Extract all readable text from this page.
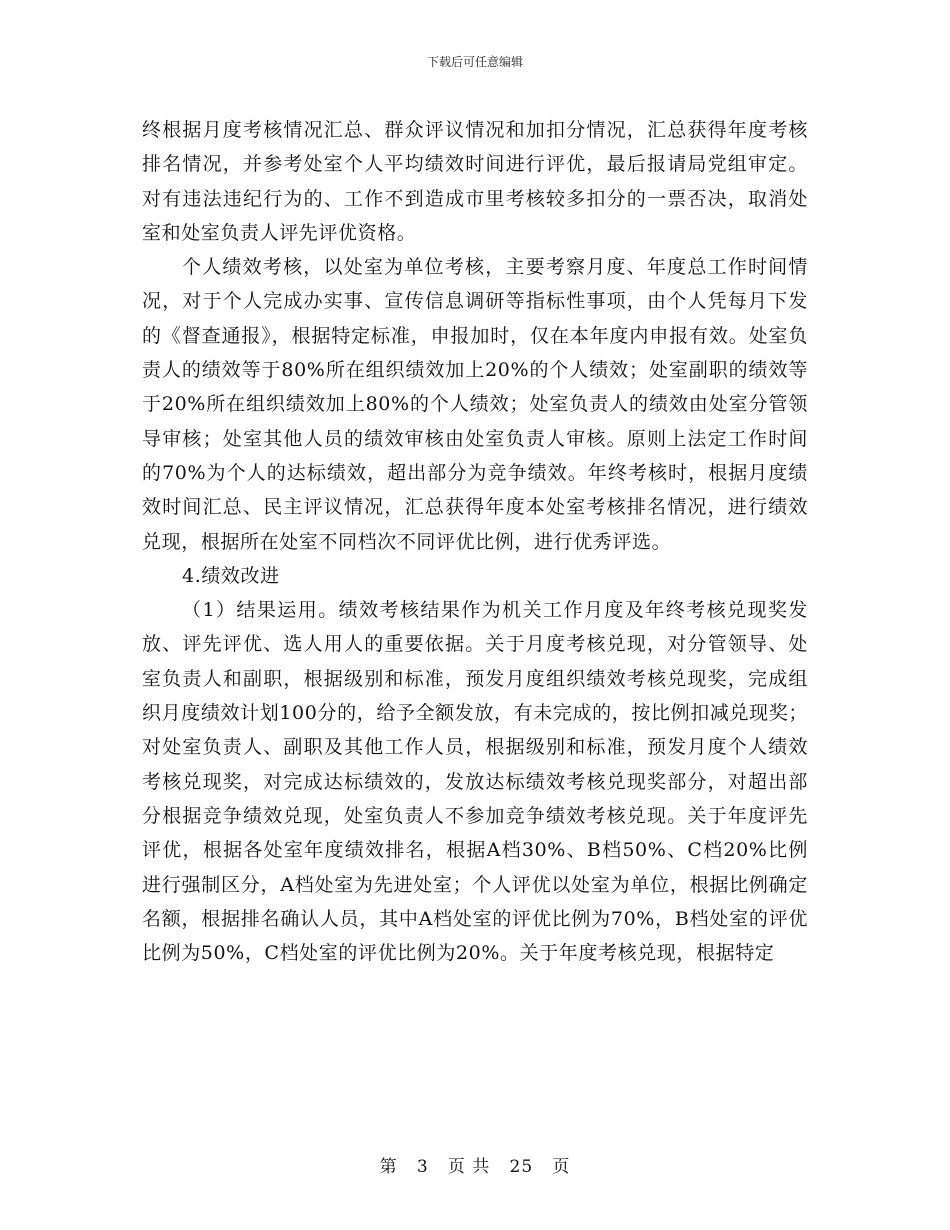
下载后可任意编辑

终根据月度考核情况汇总、群众评议情况和加扣分情况，汇总获得年度考核排名情况，并参考处室个人平均绩效时间进行评优，最后报请局党组审定。对有违法违纪行为的、工作不到造成市里考核较多扣分的一票否决，取消处室和处室负责人评先评优资格。

个人绩效考核，以处室为单位考核，主要考察月度、年度总工作时间情况，对于个人完成办实事、宣传信息调研等指标性事项，由个人凭每月下发的《督查通报》，根据特定标准，申报加时，仅在本年度内申报有效。处室负责人的绩效等于80%所在组织绩效加上20%的个人绩效；处室副职的绩效等于20%所在组织绩效加上80%的个人绩效；处室负责人的绩效由处室分管领导审核；处室其他人员的绩效审核由处室负责人审核。原则上法定工作时间的70%为个人的达标绩效，超出部分为竞争绩效。年终考核时，根据月度绩效时间汇总、民主评议情况，汇总获得年度本处室考核排名情况，进行绩效兑现，根据所在处室不同档次不同评优比例，进行优秀评选。

4.绩效改进

（1）结果运用。绩效考核结果作为机关工作月度及年终考核兑现奖发放、评先评优、选人用人的重要依据。关于月度考核兑现，对分管领导、处室负责人和副职，根据级别和标准，预发月度组织绩效考核兑现奖，完成组织月度绩效计划100分的，给予全额发放，有未完成的，按比例扣减兑现奖；对处室负责人、副职及其他工作人员，根据级别和标准，预发月度个人绩效考核兑现奖，对完成达标绩效的，发放达标绩效考核兑现奖部分，对超出部分根据竞争绩效兑现，处室负责人不参加竞争绩效考核兑现。关于年度评先评优，根据各处室年度绩效排名，根据A档30%、B档50%、C档20%比例进行强制区分，A档处室为先进处室；个人评优以处室为单位，根据比例确定名额，根据排名确认人员，其中A档处室的评优比例为70%，B档处室的评优比例为50%，C档处室的评优比例为20%。关于年度考核兑现，根据特定

第 3 页 共 25 页
